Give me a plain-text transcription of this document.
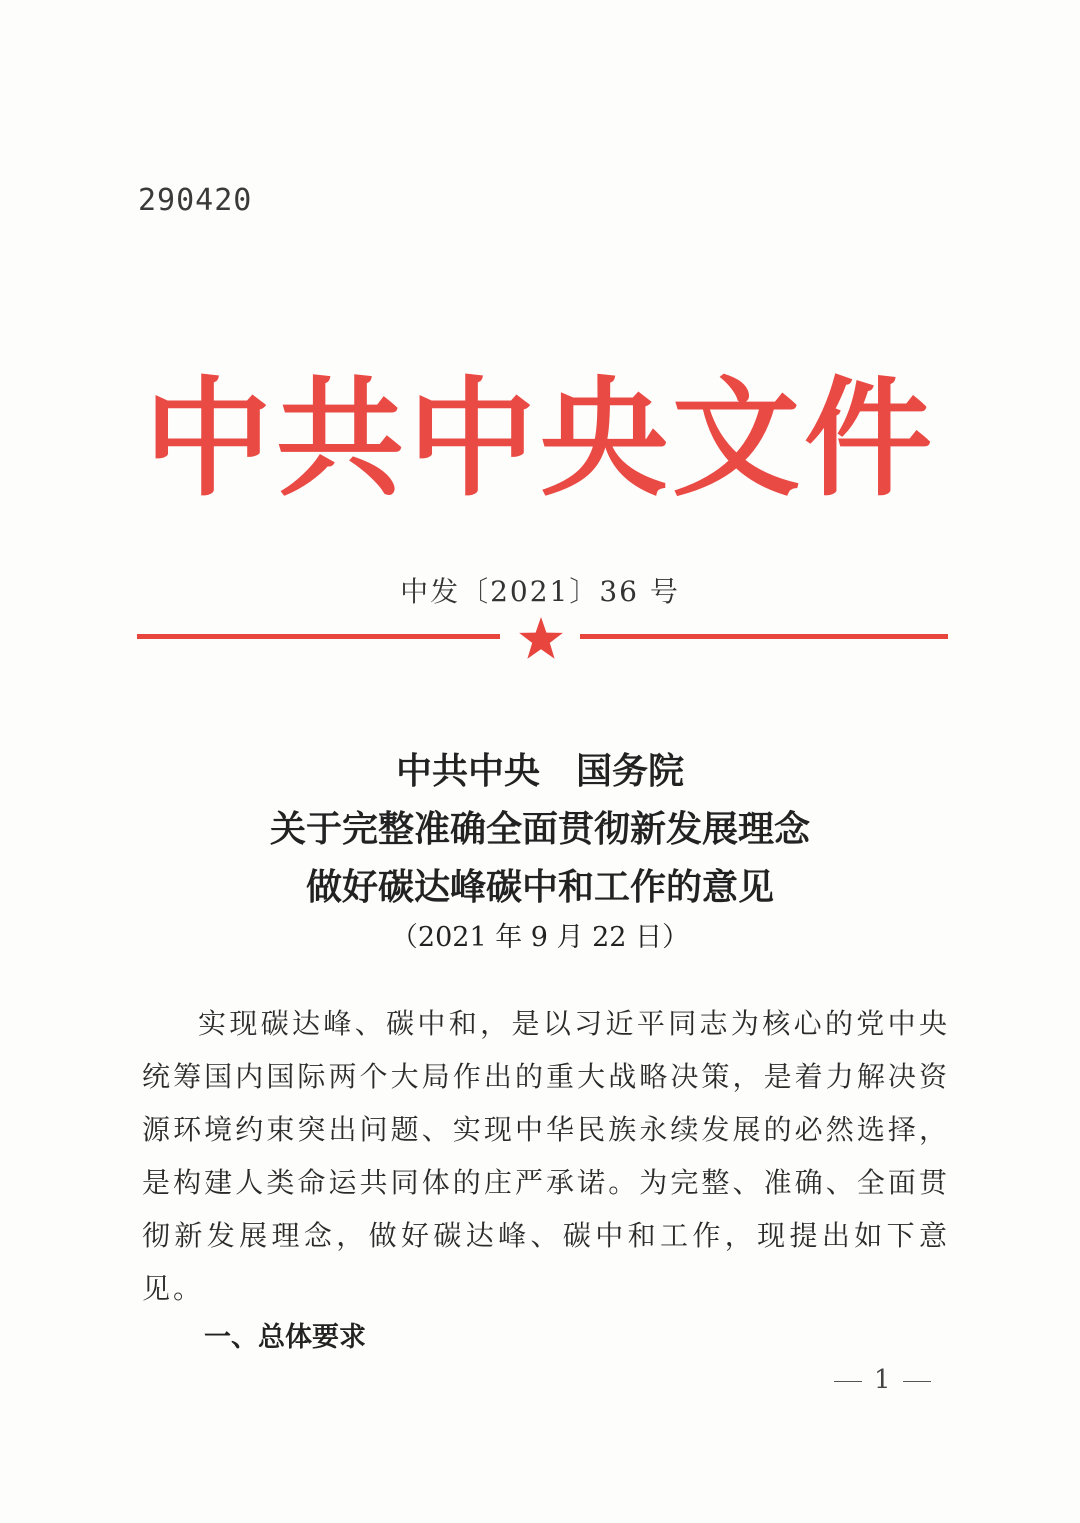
290420
中共中央文件
中发〔2021〕36 号
中共中央　国务院
关于完整准确全面贯彻新发展理念
做好碳达峰碳中和工作的意见
（2021 年 9 月 22 日）
实现碳达峰、碳中和，是以习近平同志为核心的党中央统筹国内国际两个大局作出的重大战略决策，是着力解决资源环境约束突出问题、实现中华民族永续发展的必然选择，是构建人类命运共同体的庄严承诺。为完整、准确、全面贯彻新发展理念，做好碳达峰、碳中和工作，现提出如下意见。
一、总体要求
1
